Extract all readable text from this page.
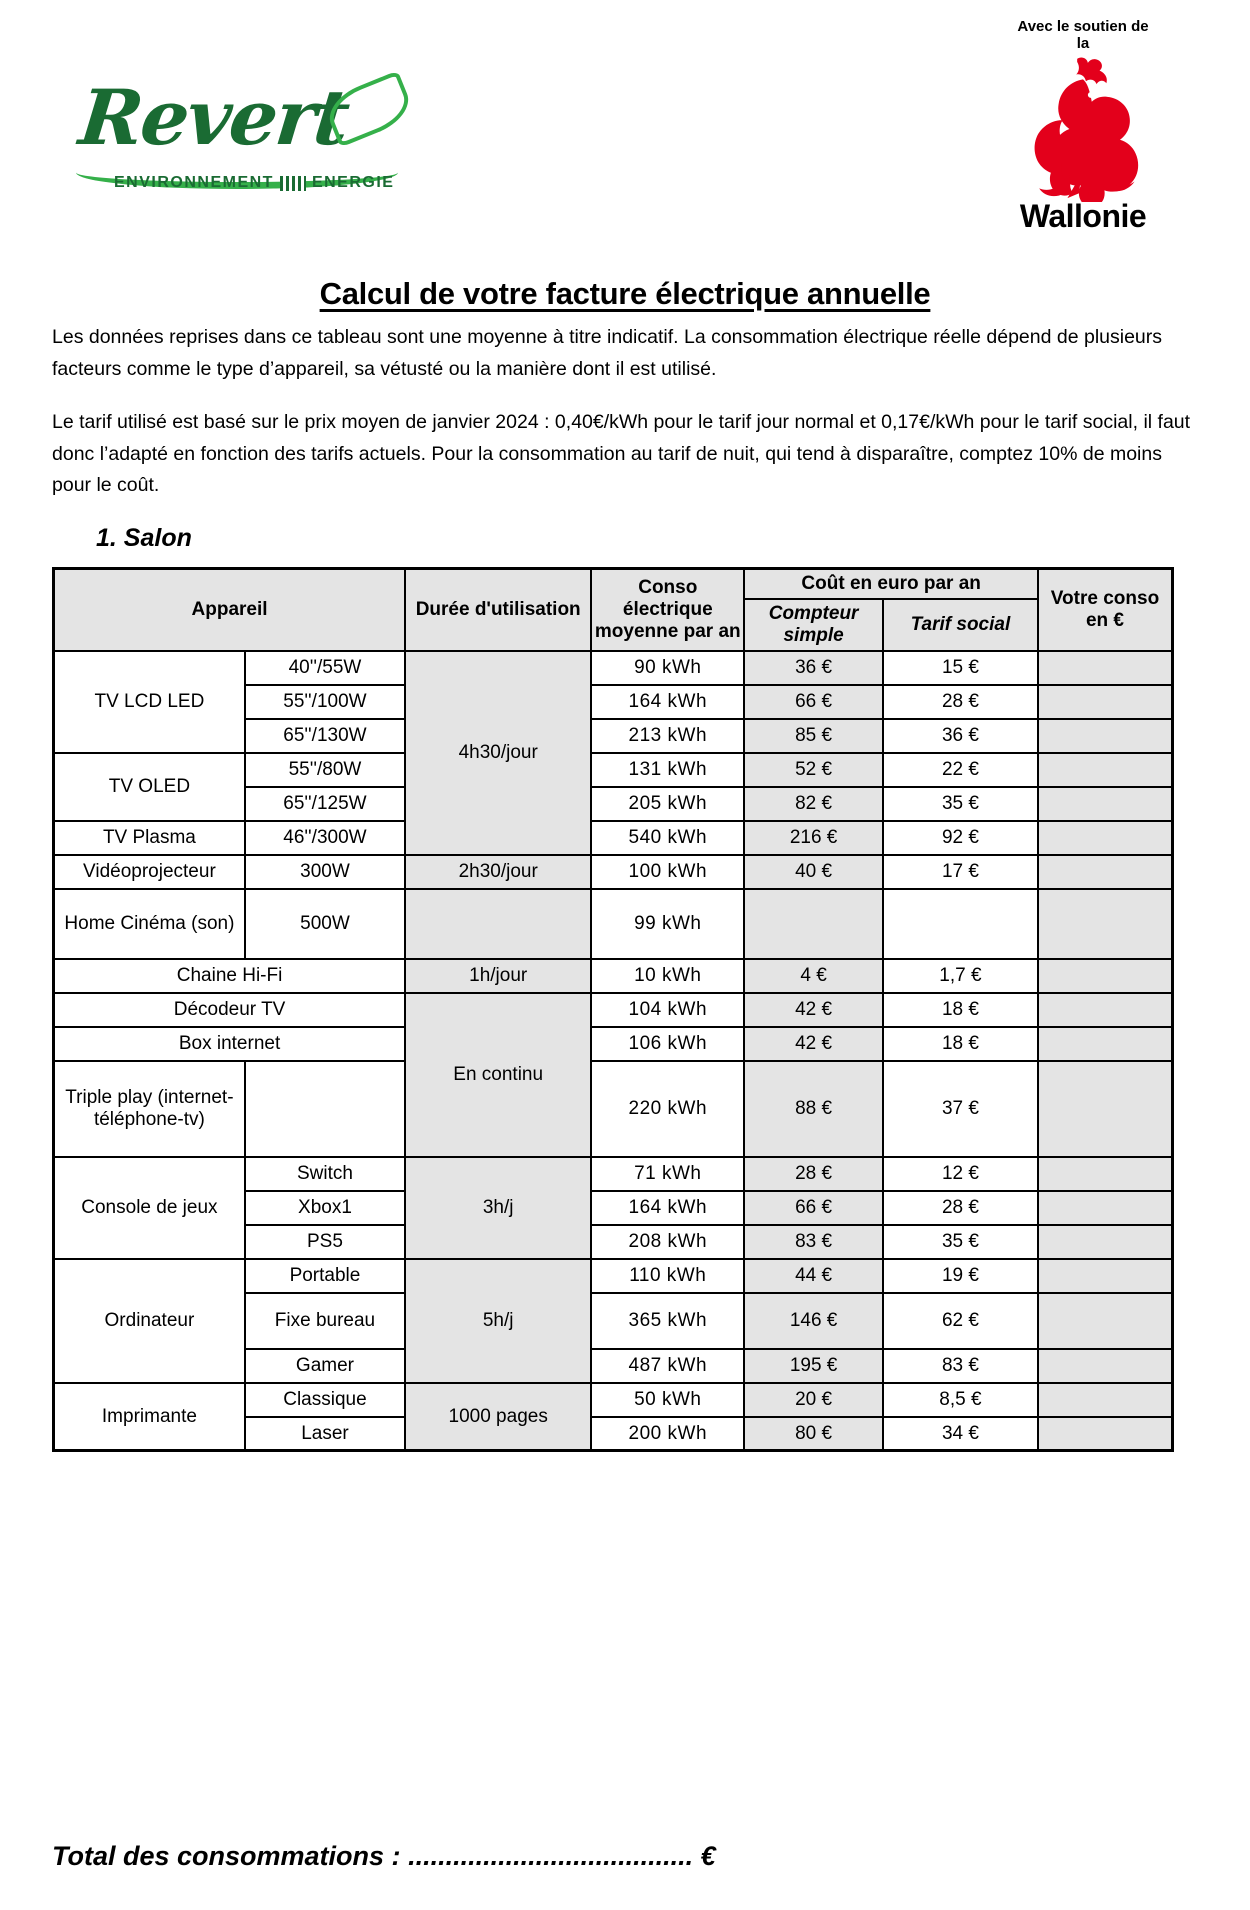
Revert
ENVIRONNEMENT ENERGIE
Avec le soutien de
la
Wallonie
Calcul de votre facture électrique annuelle

Les données reprises dans ce tableau sont une moyenne à titre indicatif. La consommation électrique réelle dépend de plusieurs facteurs comme le type d’appareil, sa vétusté ou la manière dont il est utilisé.

Le tarif utilisé est basé sur le prix moyen de janvier 2024 : 0,40€/kWh pour le tarif jour normal et 0,17€/kWh pour le tarif social, il faut donc l’adapté en fonction des tarifs actuels. Pour la consommation au tarif de nuit, qui tend à disparaître, comptez 10% de moins pour le coût.

1. Salon
Appareil		Durée d'utilisation	Conso électrique moyenne par an	Coût en euro par an		Votre conso en €
				Compteur simple	Tarif social	
TV LCD LED	40''/55W	4h30/jour	90 kWh	36 €	15 €	
	55''/100W		164 kWh	66 €	28 €	
	65''/130W		213 kWh	85 €	36 €	
TV OLED	55''/80W		131 kWh	52 €	22 €	
	65''/125W		205 kWh	82 €	35 €	
TV Plasma	46''/300W		540 kWh	216 €	92 €	
Vidéoprojecteur	300W	2h30/jour	100 kWh	40 €	17 €	
Home Cinéma (son)	500W		99 kWh			
Chaine Hi-Fi		1h/jour	10 kWh	4 €	1,7 €	
Décodeur TV		En continu	104 kWh	42 €	18 €	
Box internet			106 kWh	42 €	18 €	
Triple play (internet-téléphone-tv)			220 kWh	88 €	37 €	
Console de jeux	Switch	3h/j	71 kWh	28 €	12 €	
	Xbox1		164 kWh	66 €	28 €	
	PS5		208 kWh	83 €	35 €	
Ordinateur	Portable	5h/j	110 kWh	44 €	19 €	
	Fixe bureau		365 kWh	146 €	62 €	
	Gamer		487 kWh	195 €	83 €	
Imprimante	Classique	1000 pages	50 kWh	20 €	8,5 €	
	Laser		200 kWh	80 €	34 €	
Total des consommations : ...................................... €
